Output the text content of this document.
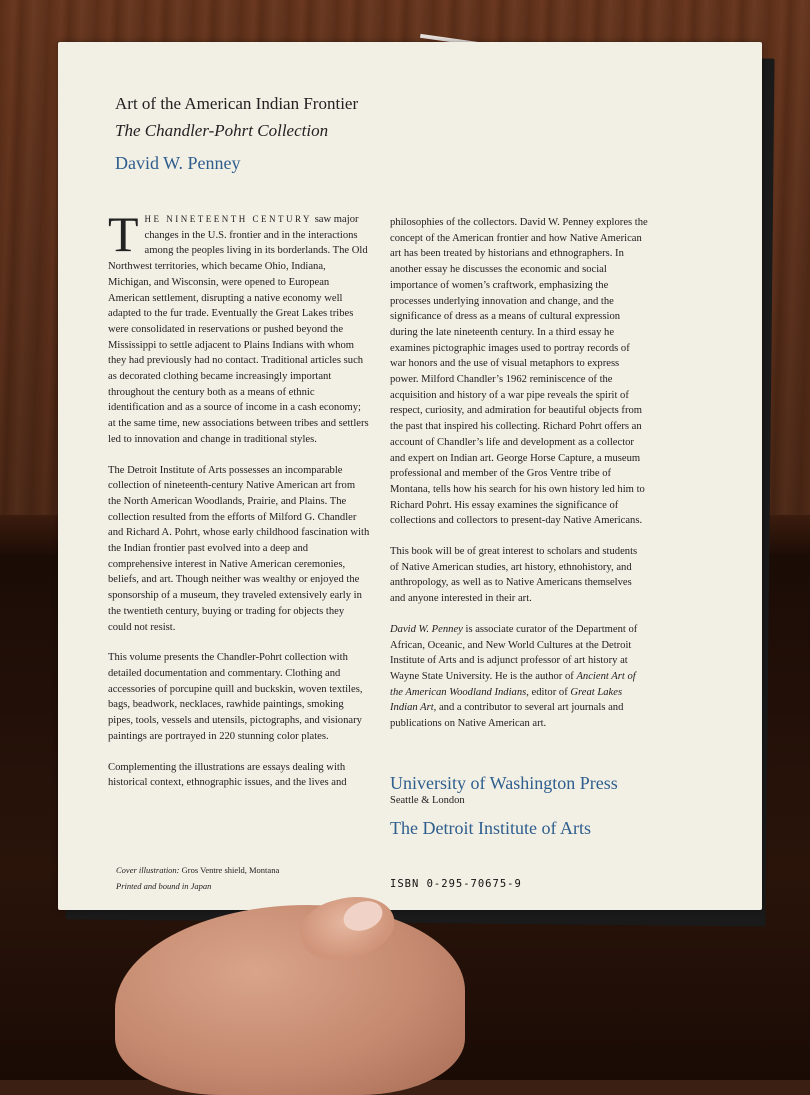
Art of the American Indian Frontier
The Chandler-Pohrt Collection
David W. Penney

THE NINETEENTH CENTURY saw major changes in the U.S. frontier and in the interactions among the peoples living in its borderlands. The Old Northwest territories, which became Ohio, Indiana, Michigan, and Wisconsin, were opened to European American settlement, disrupting a native economy well adapted to the fur trade. Eventually the Great Lakes tribes were consolidated in reservations or pushed beyond the Mississippi to settle adjacent to Plains Indians with whom they had previously had no contact. Traditional articles such as decorated clothing became increasingly important throughout the century both as a means of ethnic identification and as a source of income in a cash economy; at the same time, new associations between tribes and settlers led to innovation and change in traditional styles.

The Detroit Institute of Arts possesses an incomparable collection of nineteenth-century Native American art from the North American Woodlands, Prairie, and Plains. The collection resulted from the efforts of Milford G. Chandler and Richard A. Pohrt, whose early childhood fascination with the Indian frontier past evolved into a deep and comprehensive interest in Native American ceremonies, beliefs, and art. Though neither was wealthy or enjoyed the sponsorship of a museum, they traveled extensively early in the twentieth century, buying or trading for objects they could not resist.

This volume presents the Chandler-Pohrt collection with detailed documentation and commentary. Clothing and accessories of porcupine quill and buckskin, woven textiles, bags, beadwork, necklaces, rawhide paintings, smoking pipes, tools, vessels and utensils, pictographs, and visionary paintings are portrayed in 220 stunning color plates.

Complementing the illustrations are essays dealing with historical context, ethnographic issues, and the lives and

philosophies of the collectors. David W. Penney explores the concept of the American frontier and how Native American art has been treated by historians and ethnographers. In another essay he discusses the economic and social importance of women’s craftwork, emphasizing the processes underlying innovation and change, and the significance of dress as a means of cultural expression during the late nineteenth century. In a third essay he examines pictographic images used to portray records of war honors and the use of visual metaphors to express power. Milford Chandler’s 1962 reminiscence of the acquisition and history of a war pipe reveals the spirit of respect, curiosity, and admiration for beautiful objects from the past that inspired his collecting. Richard Pohrt offers an account of Chandler’s life and development as a collector and expert on Indian art. George Horse Capture, a museum professional and member of the Gros Ventre tribe of Montana, tells how his search for his own history led him to Richard Pohrt. His essay examines the significance of collections and collectors to present-day Native Americans.

This book will be of great interest to scholars and students of Native American studies, art history, ethnohistory, and anthropology, as well as to Native Americans themselves and anyone interested in their art.

David W. Penney is associate curator of the Department of African, Oceanic, and New World Cultures at the Detroit Institute of Arts and is adjunct professor of art history at Wayne State University. He is the author of Ancient Art of the American Woodland Indians, editor of Great Lakes Indian Art, and a contributor to several art journals and publications on Native American art.

University of Washington Press
Seattle & London
The Detroit Institute of Arts
Cover illustration: Gros Ventre shield, Montana
Printed and bound in Japan	ISBN 0-295-70675-9
